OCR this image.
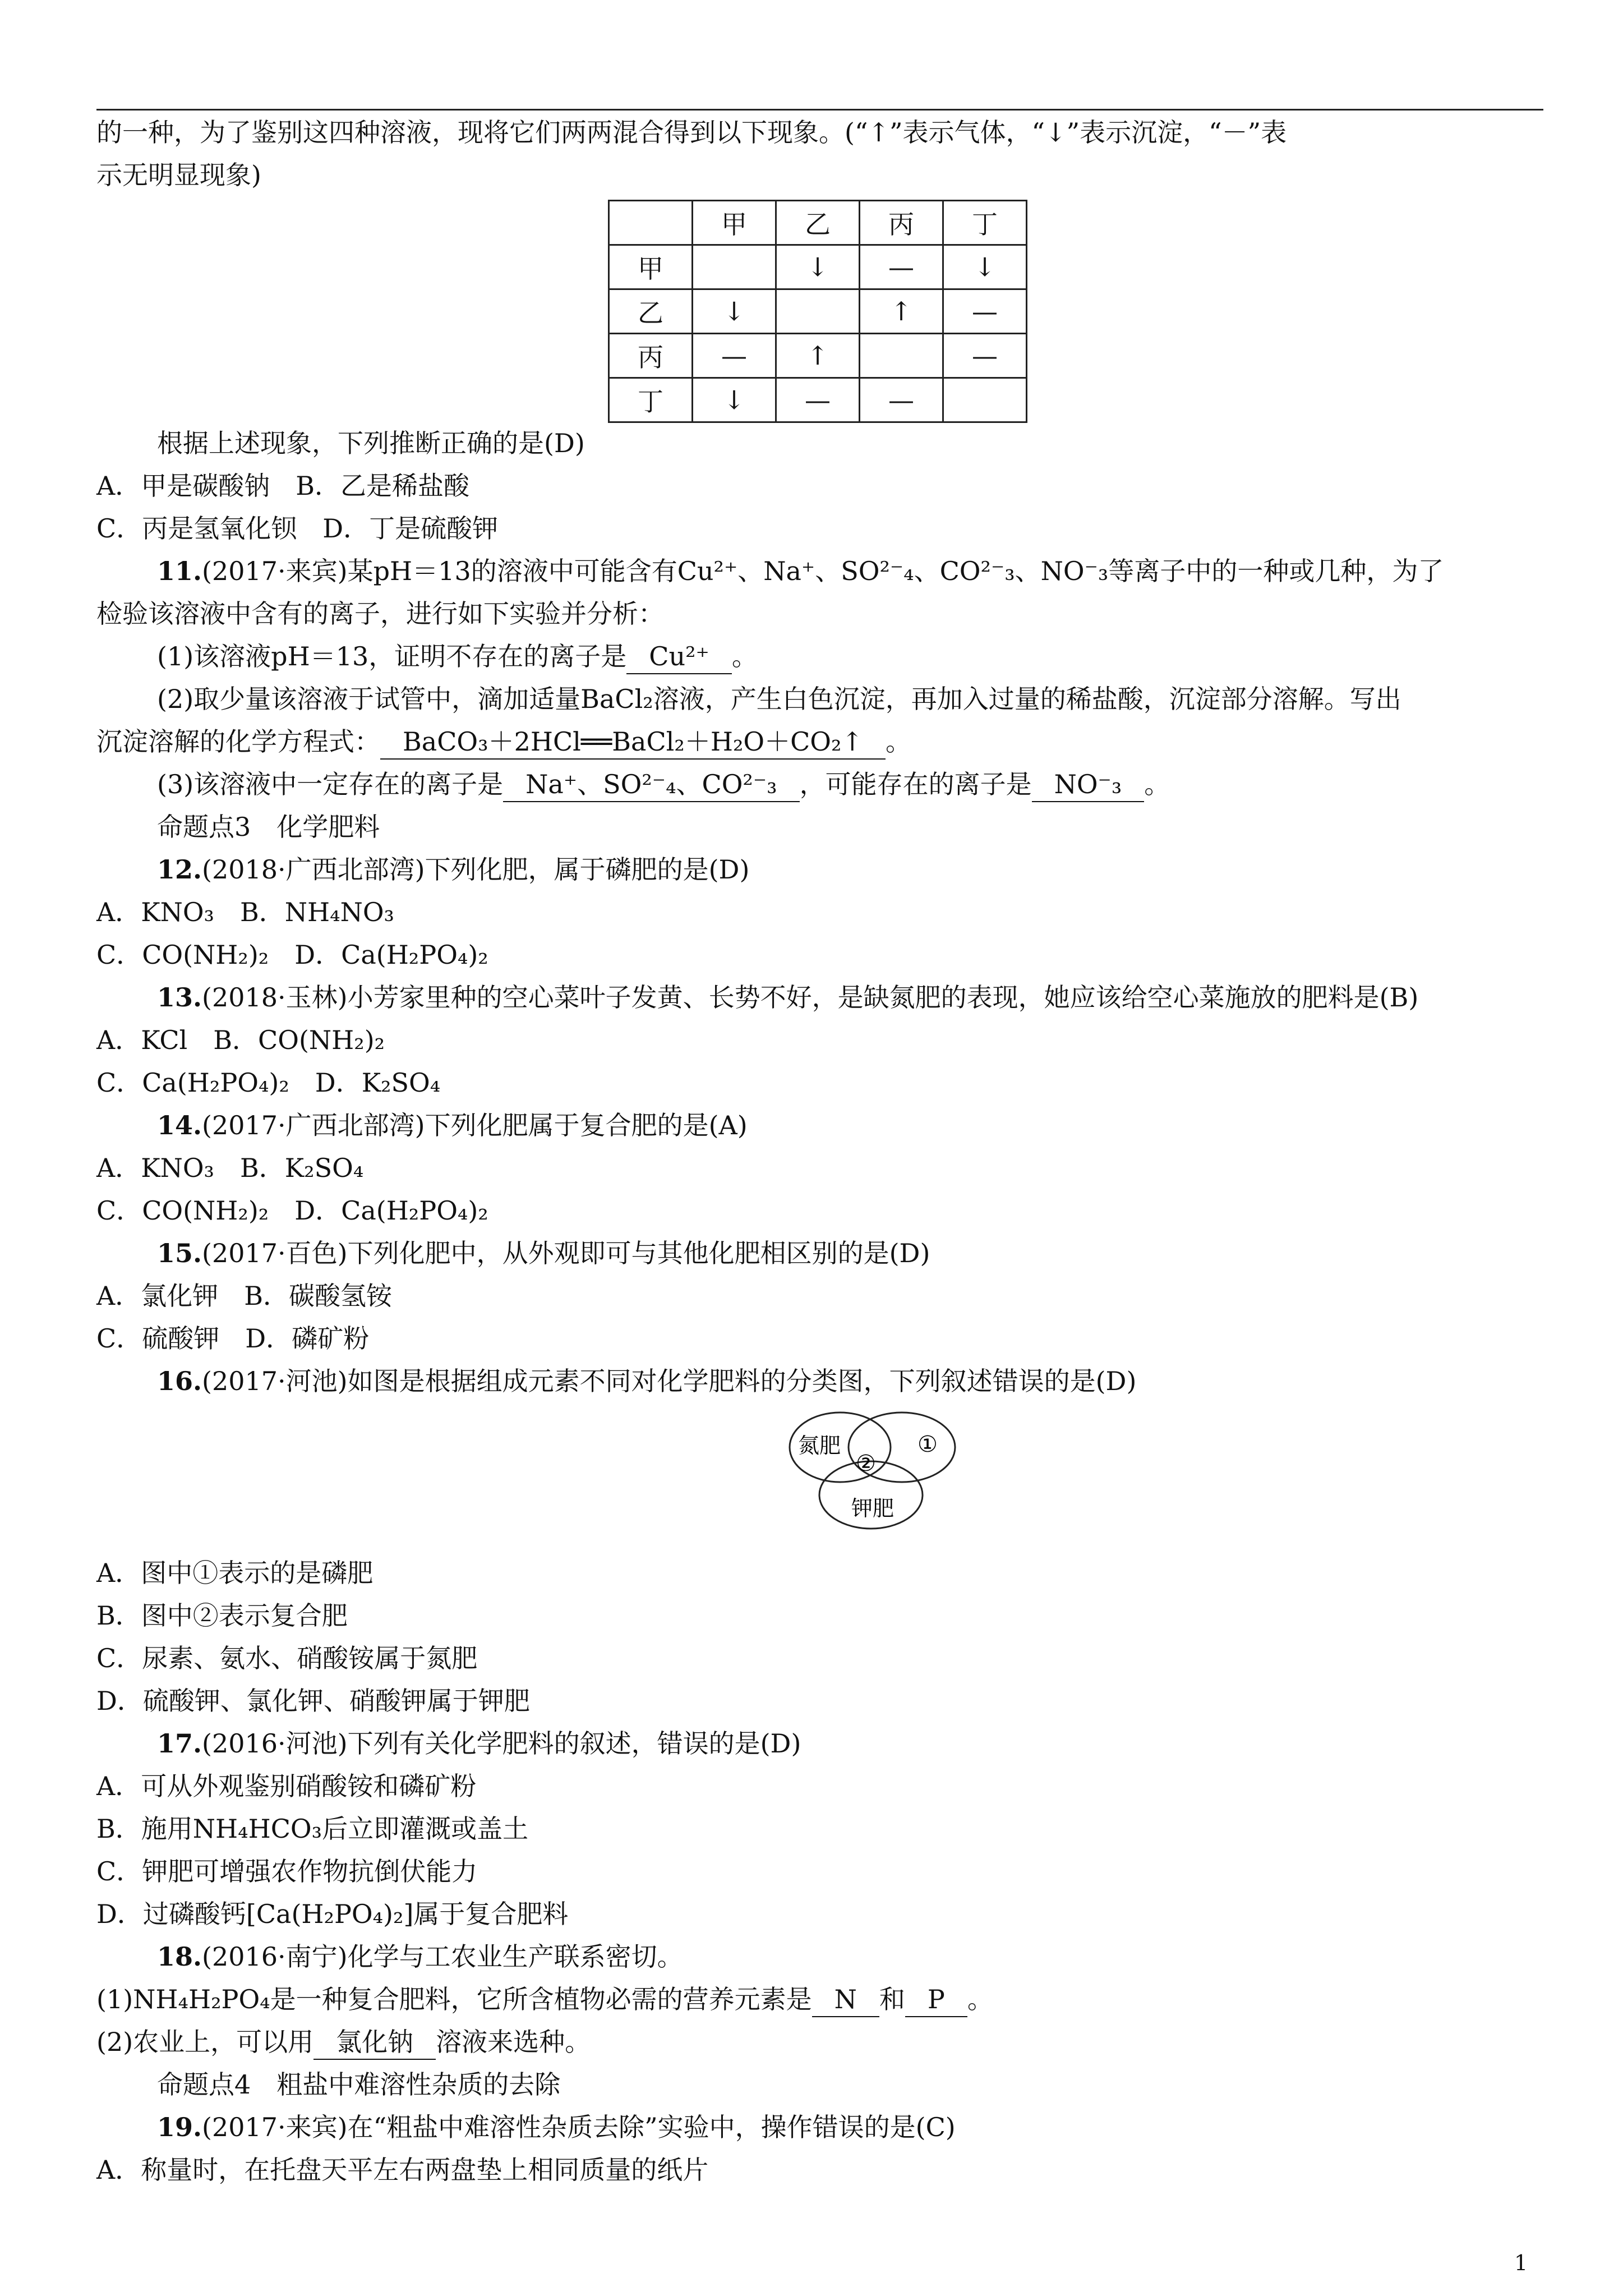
的一种，为了鉴别这四种溶液，现将它们两两混合得到以下现象。(“↑”表示气体，“↓”表示沉淀，“－”表
示无明显现象)
	甲	乙	丙	丁
甲		↓	—	↓
乙	↓		↑	—
丙	—	↑		—
丁	↓	—	—	
根据上述现象，下列推断正确的是(D)
A．甲是碳酸钠　B．乙是稀盐酸
C．丙是氢氧化钡　D．丁是硫酸钾
11.(2017·来宾)某pH＝13的溶液中可能含有Cu²⁺、Na⁺、SO²⁻₄、CO²⁻₃、NO⁻₃等离子中的一种或几种，为了
检验该溶液中含有的离子，进行如下实验并分析：
(1)该溶液pH＝13，证明不存在的离子是 Cu²⁺ 。
(2)取少量该溶液于试管中，滴加适量BaCl₂溶液，产生白色沉淀，再加入过量的稀盐酸，沉淀部分溶解。写出
沉淀溶解的化学方程式： BaCO₃＋2HCl══BaCl₂＋H₂O＋CO₂↑ 。
(3)该溶液中一定存在的离子是 Na⁺、SO²⁻₄、CO²⁻₃ ，可能存在的离子是 NO⁻₃ 。
命题点3　化学肥料
12.(2018·广西北部湾)下列化肥，属于磷肥的是(D)
A．KNO₃　B．NH₄NO₃
C．CO(NH₂)₂　D．Ca(H₂PO₄)₂
13.(2018·玉林)小芳家里种的空心菜叶子发黄、长势不好，是缺氮肥的表现，她应该给空心菜施放的肥料是(B)
A．KCl　B．CO(NH₂)₂
C．Ca(H₂PO₄)₂　D．K₂SO₄
14.(2017·广西北部湾)下列化肥属于复合肥的是(A)
A．KNO₃　B．K₂SO₄
C．CO(NH₂)₂　D．Ca(H₂PO₄)₂
15.(2017·百色)下列化肥中，从外观即可与其他化肥相区别的是(D)
A．氯化钾　B．碳酸氢铵
C．硫酸钾　D．磷矿粉
16.(2017·河池)如图是根据组成元素不同对化学肥料的分类图，下列叙述错误的是(D)
氮肥	①
②
钾肥
A．图中①表示的是磷肥
B．图中②表示复合肥
C．尿素、氨水、硝酸铵属于氮肥
D．硫酸钾、氯化钾、硝酸钾属于钾肥
17.(2016·河池)下列有关化学肥料的叙述，错误的是(D)
A．可从外观鉴别硝酸铵和磷矿粉
B．施用NH₄HCO₃后立即灌溉或盖土
C．钾肥可增强农作物抗倒伏能力
D．过磷酸钙[Ca(H₂PO₄)₂]属于复合肥料
18.(2016·南宁)化学与工农业生产联系密切。
(1)NH₄H₂PO₄是一种复合肥料，它所含植物必需的营养元素是 N 和 P 。
(2)农业上，可以用 氯化钠 溶液来选种。
命题点4　粗盐中难溶性杂质的去除
19.(2017·来宾)在“粗盐中难溶性杂质去除”实验中，操作错误的是(C)
A．称量时，在托盘天平左右两盘垫上相同质量的纸片
1
